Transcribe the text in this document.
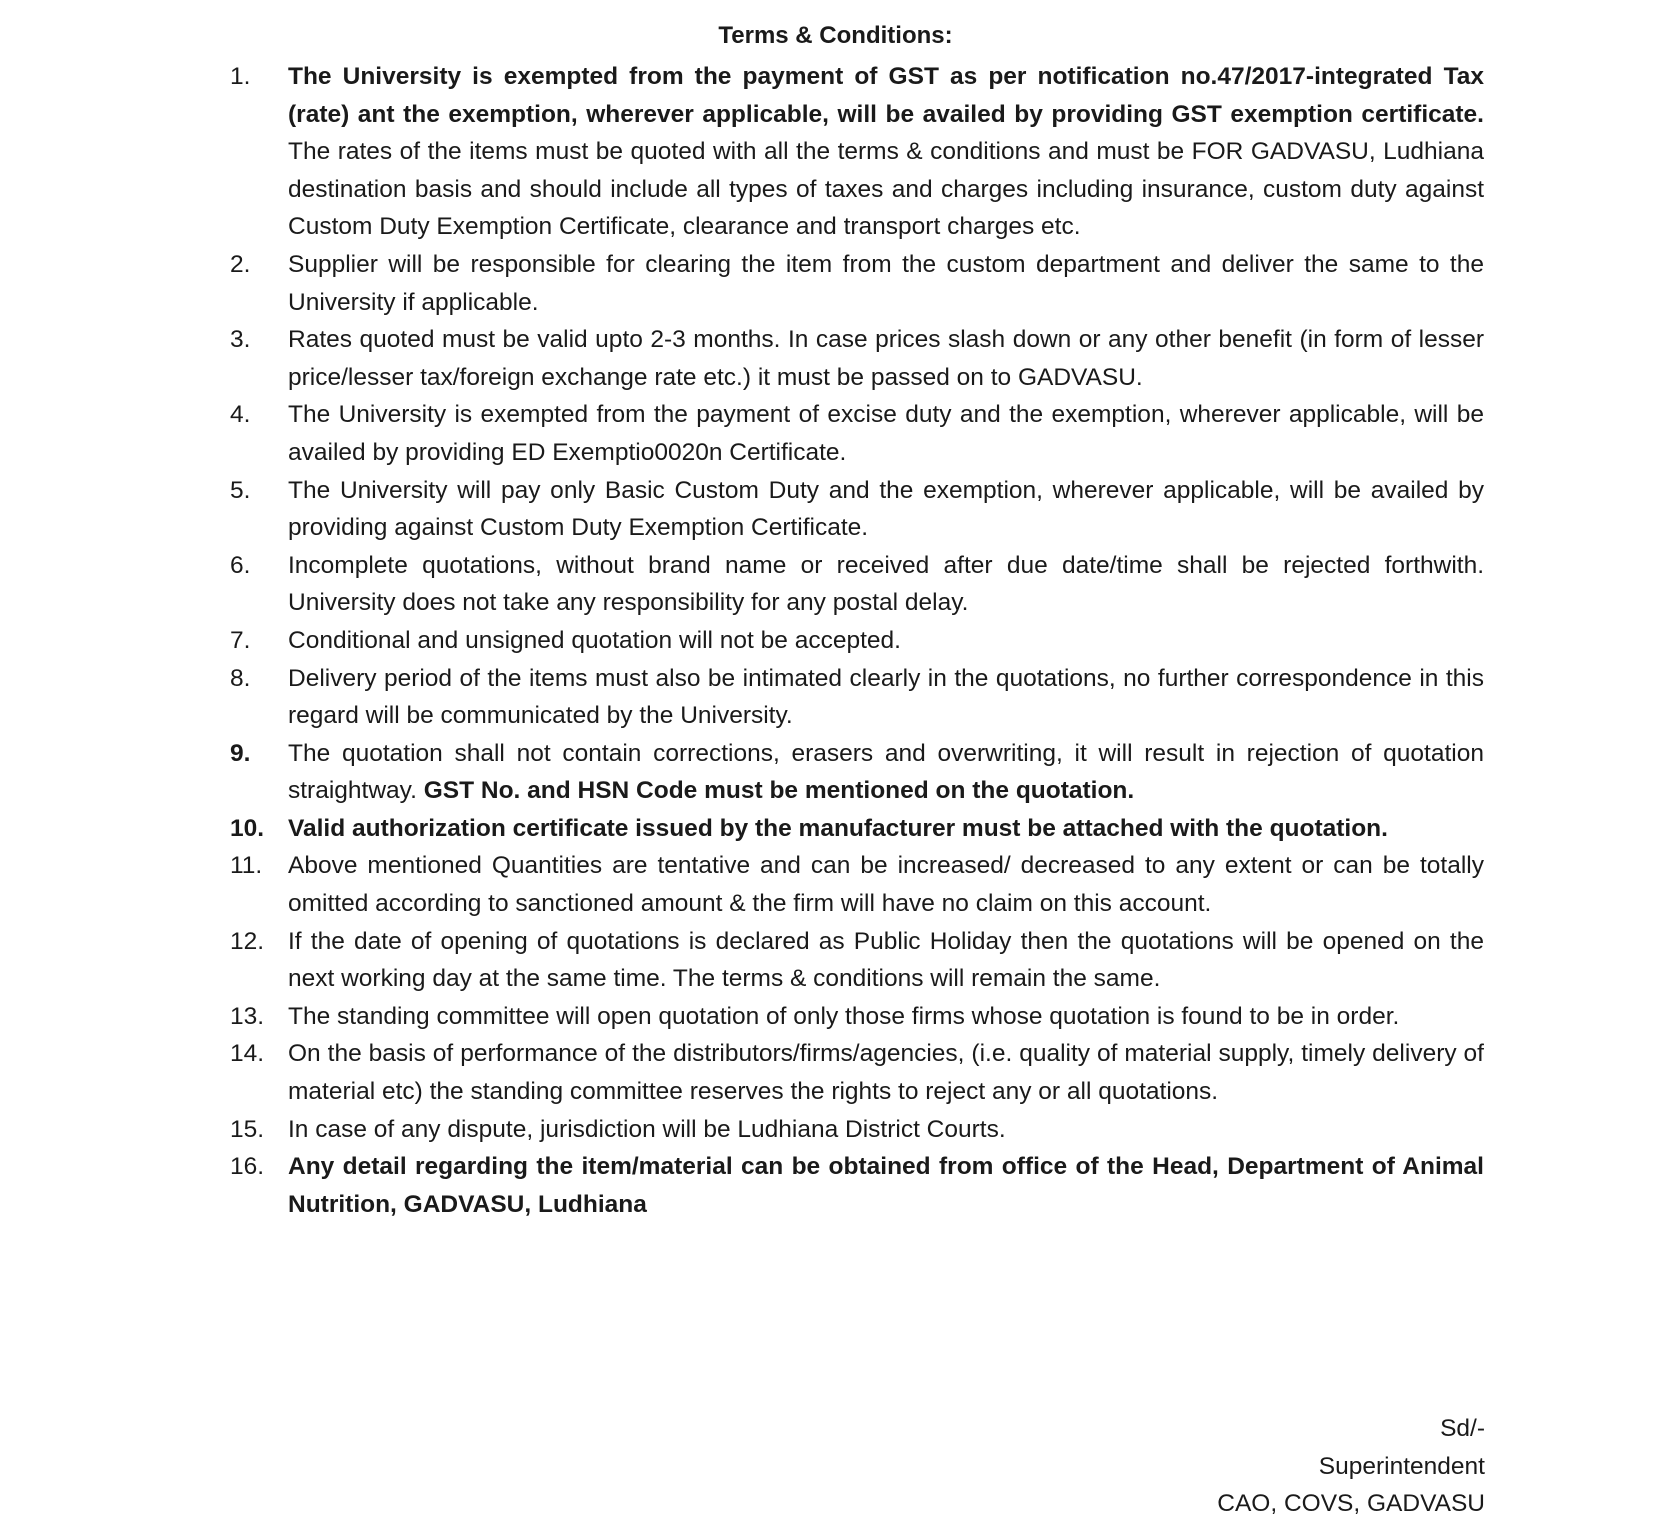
Terms & Conditions:
1.	The University is exempted from the payment of GST as per notification no.47/2017-integrated Tax (rate) ant the exemption, wherever applicable, will be availed by providing GST exemption certificate. The rates of the items must be quoted with all the terms & conditions and must be FOR GADVASU, Ludhiana destination basis and should include all types of taxes and charges including insurance, custom duty against Custom Duty Exemption Certificate, clearance and transport charges etc.
2.	Supplier will be responsible for clearing the item from the custom department and deliver the same to the University if applicable.
3.	Rates quoted must be valid upto 2-3 months. In case prices slash down or any other benefit (in form of lesser price/lesser tax/foreign exchange rate etc.) it must be passed on to GADVASU.
4.	The University is exempted from the payment of excise duty and the exemption, wherever applicable, will be availed by providing ED Exemptio0020n Certificate.
5.	The University will pay only Basic Custom Duty and the exemption, wherever applicable, will be availed by providing against Custom Duty Exemption Certificate.
6.	Incomplete quotations, without brand name or received after due date/time shall be rejected forthwith. University does not take any responsibility for any postal delay.
7.	Conditional and unsigned quotation will not be accepted.
8.	Delivery period of the items must also be intimated clearly in the quotations, no further correspondence in this regard will be communicated by the University.
9.	The quotation shall not contain corrections, erasers and overwriting, it will result in rejection of quotation straightway. GST No. and HSN Code must be mentioned on the quotation.
10. Valid authorization certificate issued by the manufacturer must be attached with the quotation.
11.	Above mentioned Quantities are tentative and can be increased/ decreased to any extent or can be totally omitted according to sanctioned amount & the firm will have no claim on this account.
12. If the date of opening of quotations is declared as Public Holiday then the quotations will be opened on the next working day at the same time. The terms & conditions will remain the same.
13. The standing committee will open quotation of only those firms whose quotation is found to be in order.
14. On the basis of performance of the distributors/firms/agencies, (i.e. quality of material supply, timely delivery of material etc) the standing committee reserves the rights to reject any or all quotations.
15. In case of any dispute, jurisdiction will be Ludhiana District Courts.
16. Any detail regarding the item/material can be obtained from office of the Head, Department of Animal Nutrition, GADVASU, Ludhiana
Sd/-
Superintendent
CAO, COVS, GADVASU
